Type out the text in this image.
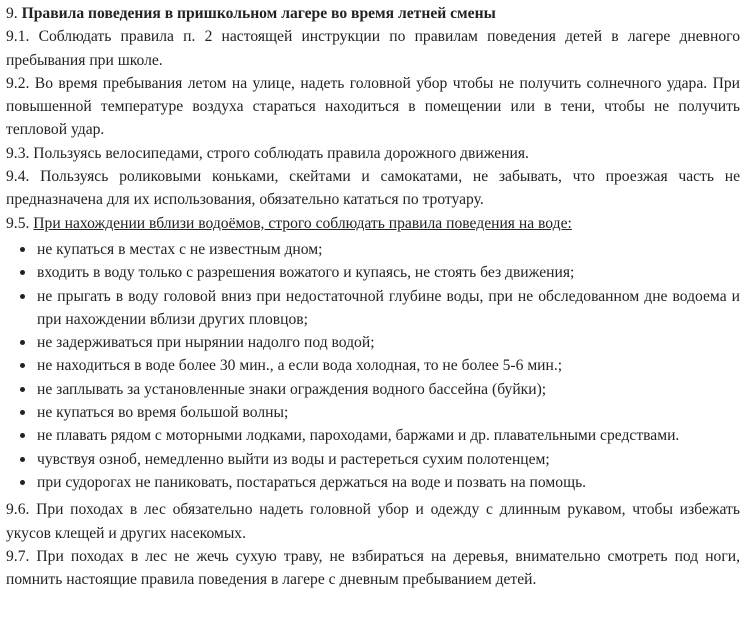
9. Правила поведения в пришкольном лагере во время летней смены

9.1. Соблюдать правила п. 2 настоящей инструкции по правилам поведения детей в лагере дневного пребывания при школе.

9.2. Во время пребывания летом на улице, надеть головной убор чтобы не получить солнечного удара. При повышенной температуре воздуха стараться находиться в помещении или в тени, чтобы не получить тепловой удар.

9.3. Пользуясь велосипедами, строго соблюдать правила дорожного движения.

9.4. Пользуясь роликовыми коньками, скейтами и самокатами, не забывать, что проезжая часть не предназначена для их использования, обязательно кататься по тротуару.

9.5. При нахождении вблизи водоёмов, строго соблюдать правила поведения на воде:

не купаться в местах с не известным дном;
входить в воду только с разрешения вожатого и купаясь, не стоять без движения;
не прыгать в воду головой вниз при недостаточной глубине воды, при не обследованном дне водоема и при нахождении вблизи других пловцов;
не задерживаться при нырянии надолго под водой;
не находиться в воде более 30 мин., а если вода холодная, то не более 5-6 мин.;
не заплывать за установленные знаки ограждения водного бассейна (буйки);
не купаться во время большой волны;
не плавать рядом с моторными лодками, пароходами, баржами и др. плавательными средствами.
чувствуя озноб, немедленно выйти из воды и растереться сухим полотенцем;
при судорогах не паниковать, постараться держаться на воде и позвать на помощь.

9.6. При походах в лес обязательно надеть головной убор и одежду с длинным рукавом, чтобы избежать укусов клещей и других насекомых.

9.7. При походах в лес не жечь сухую траву, не взбираться на деревья, внимательно смотреть под ноги, помнить настоящие правила поведения в лагере с дневным пребыванием детей.
